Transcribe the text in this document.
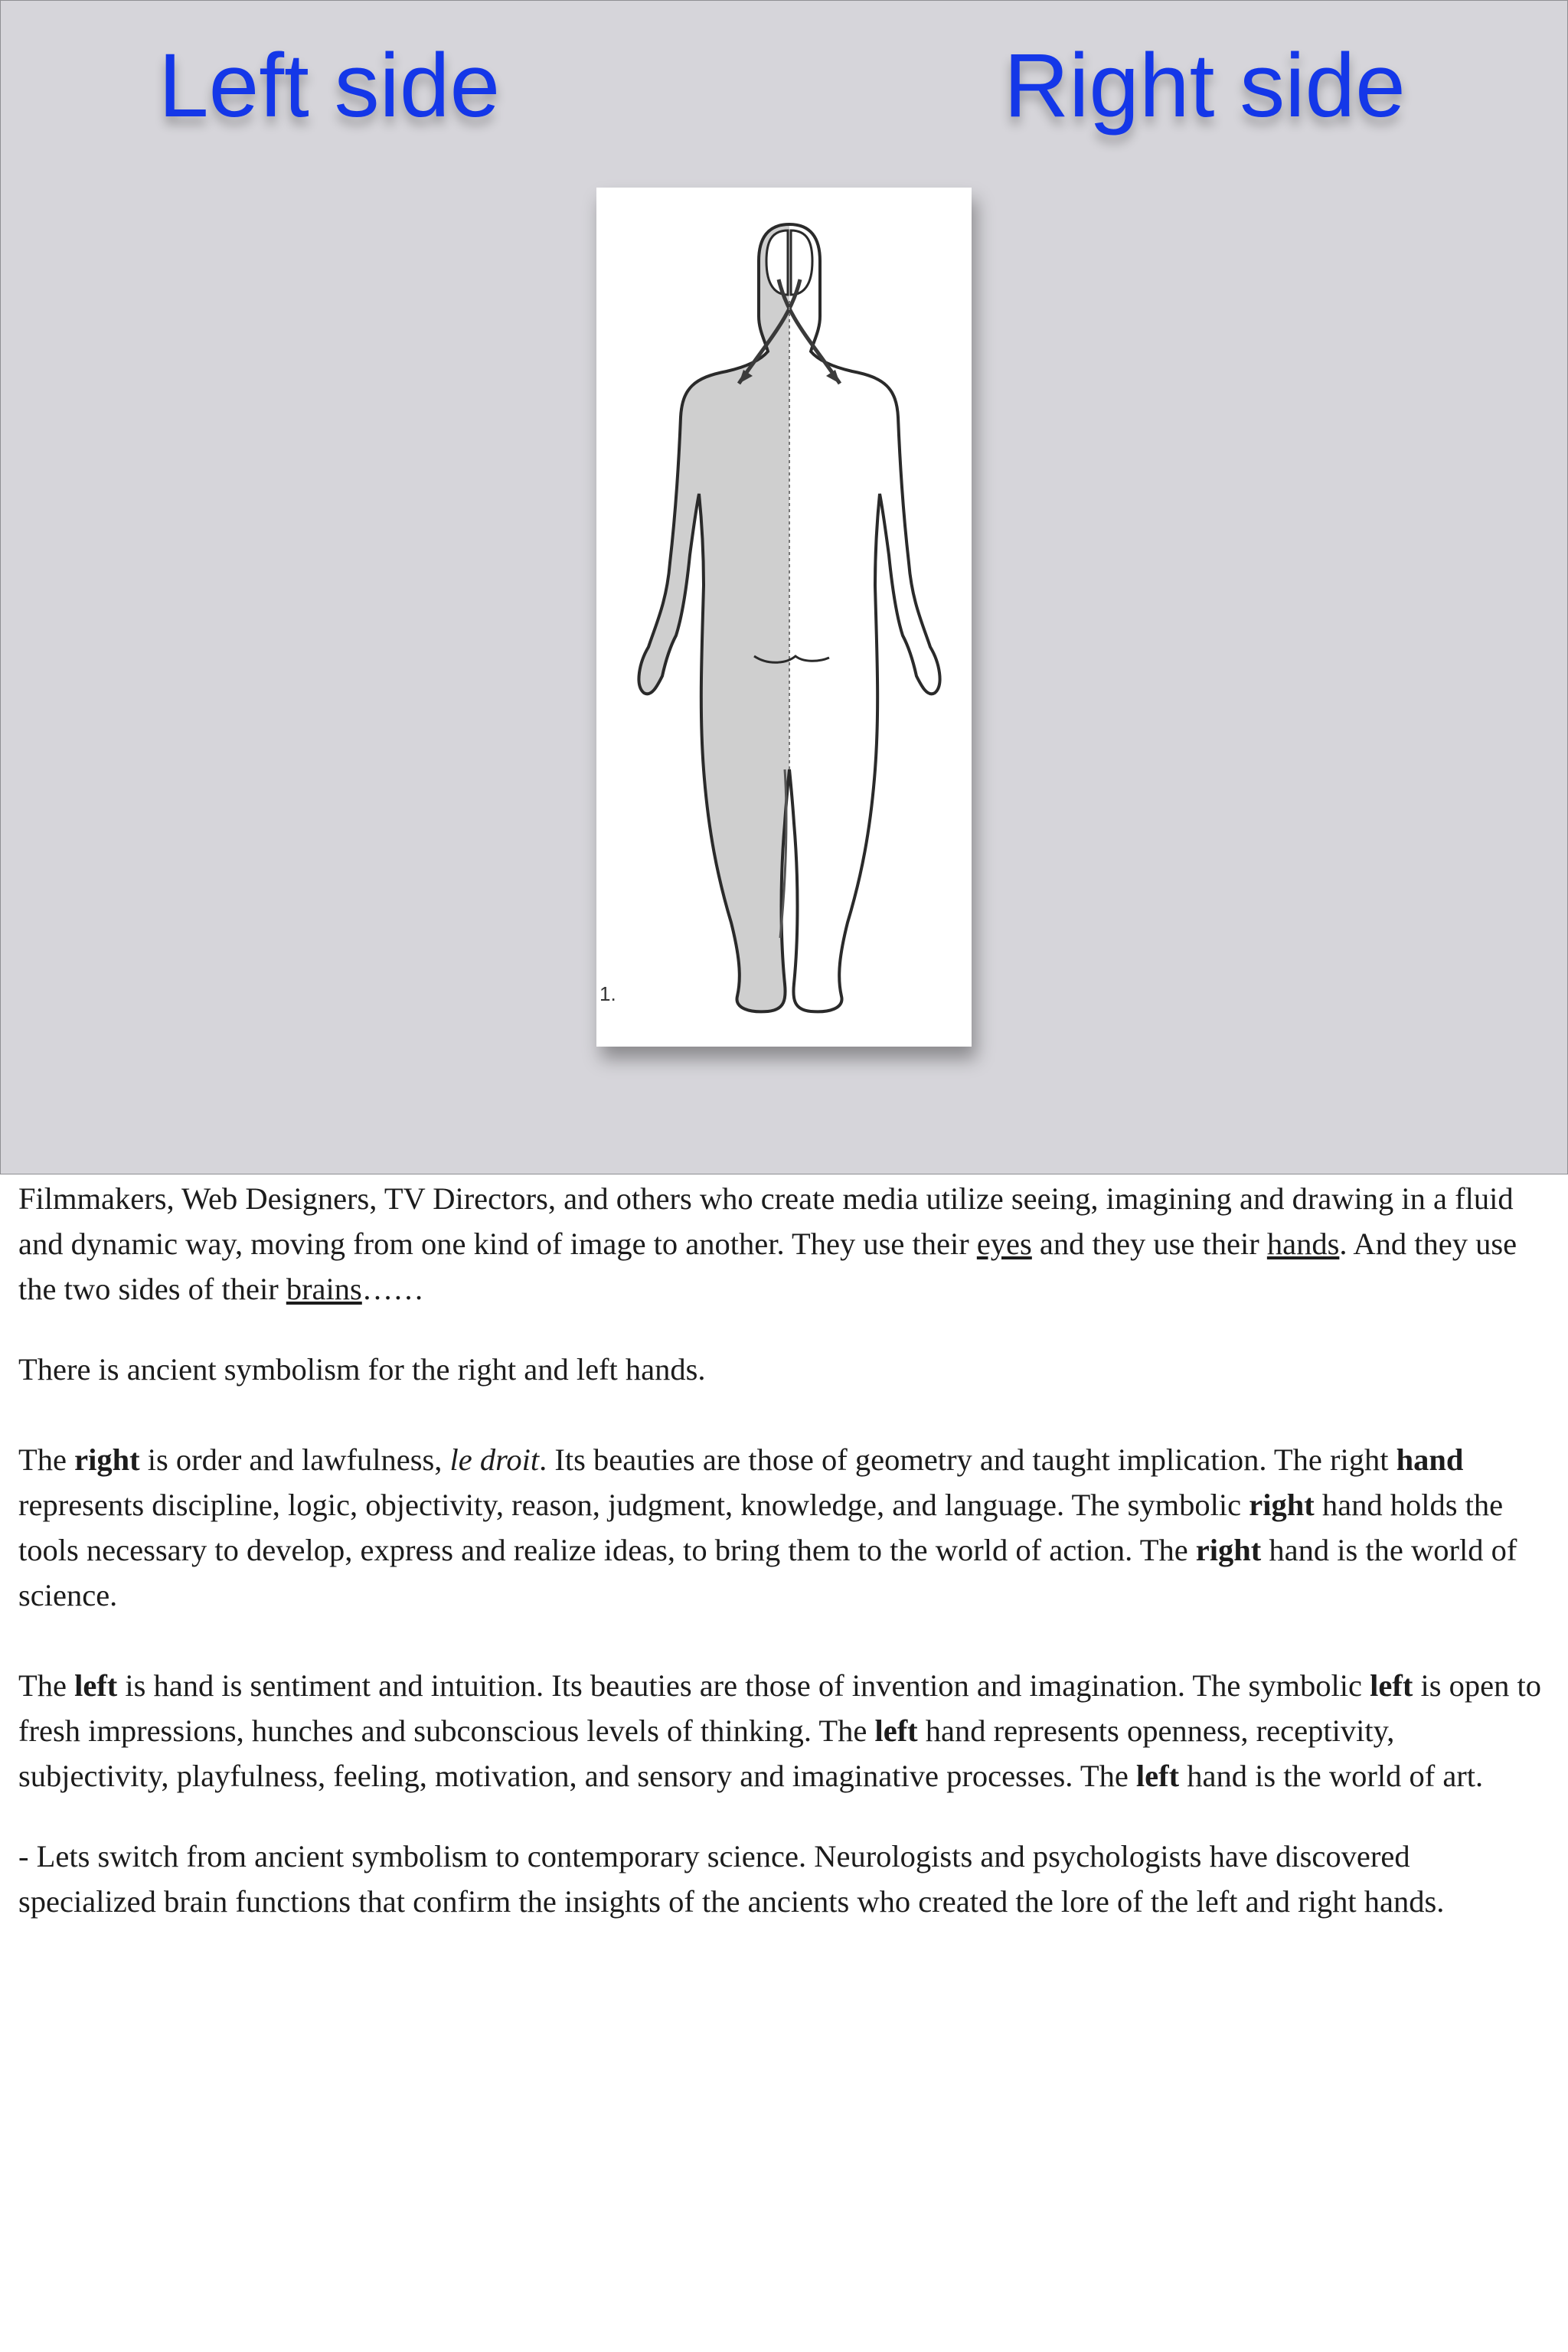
Left side	Right side
1.

Filmmakers, Web Designers, TV Directors, and others who create media utilize seeing, imagining and drawing in a fluid and dynamic way, moving from one kind of image to another. They use their eyes and they use their hands. And they use the two sides of their brains……

There is ancient symbolism for the right and left hands.

The right is order and lawfulness, le droit. Its beauties are those of geometry and taught implication. The right hand represents discipline, logic, objectivity, reason, judgment, knowledge, and language. The symbolic right hand holds the tools necessary to develop, express and realize ideas, to bring them to the world of action. The right hand is the world of science.

The left is hand is sentiment and intuition. Its beauties are those of invention and imagination. The symbolic left is open to fresh impressions, hunches and subconscious levels of thinking. The left hand represents openness, receptivity, subjectivity, playfulness, feeling, motivation, and sensory and imaginative processes. The left hand is the world of art.

- Lets switch from ancient symbolism to contemporary science. Neurologists and psychologists have discovered specialized brain functions that confirm the insights of the ancients who created the lore of the left and right hands.
